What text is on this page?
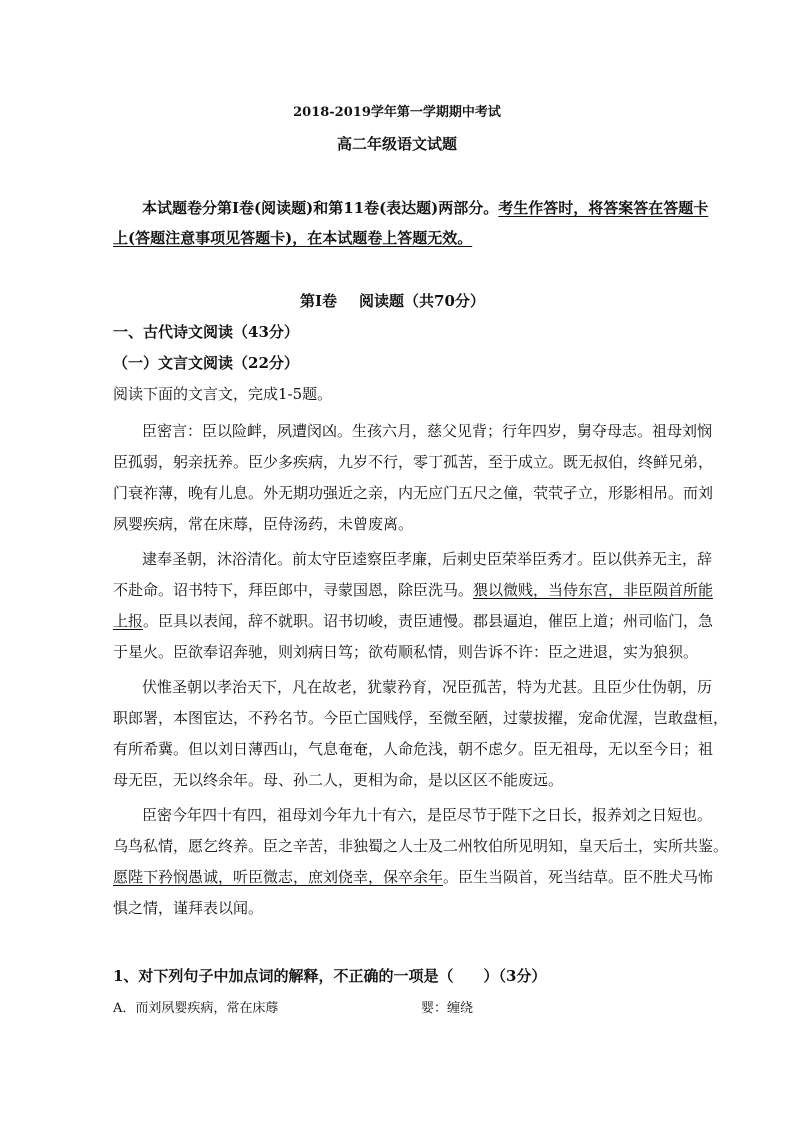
2018-2019学年第一学期期中考试
高二年级语文试题
本试题卷分第Ⅰ卷(阅读题)和第11卷(表达题)两部分。考生作答时，将答案答在答题卡
上(答题注意事项见答题卡)，在本试题卷上答题无效。
第Ⅰ卷 阅读题（共70分）
一、古代诗文阅读（43分）
（一）文言文阅读（22分）
阅读下面的文言文，完成1-5题。
臣密言：臣以险衅，夙遭闵凶。生孩六月，慈父见背；行年四岁，舅夺母志。祖母刘悯
臣孤弱，躬亲抚养。臣少多疾病，九岁不行，零丁孤苦，至于成立。既无叔伯，终鲜兄弟，
门衰祚薄，晚有儿息。外无期功强近之亲，内无应门五尺之僮，茕茕孑立，形影相吊。而刘
夙婴疾病，常在床蓐，臣侍汤药，未曾废离。
逮奉圣朝，沐浴清化。前太守臣逵察臣孝廉，后刺史臣荣举臣秀才。臣以供养无主，辞
不赴命。诏书特下，拜臣郎中，寻蒙国恩，除臣洗马。猥以微贱，当侍东宫，非臣陨首所能
上报。臣具以表闻，辞不就职。诏书切峻，责臣逋慢。郡县逼迫，催臣上道；州司临门，急
于星火。臣欲奉诏奔驰，则刘病日笃；欲苟顺私情，则告诉不许：臣之进退，实为狼狈。
伏惟圣朝以孝治天下，凡在故老，犹蒙矜育，况臣孤苦，特为尤甚。且臣少仕伪朝，历
职郎署，本图宦达，不矜名节。今臣亡国贱俘，至微至陋，过蒙拔擢，宠命优渥，岂敢盘桓，
有所希冀。但以刘日薄西山，气息奄奄，人命危浅，朝不虑夕。臣无祖母，无以至今日；祖
母无臣，无以终余年。母、孙二人，更相为命，是以区区不能废远。
臣密今年四十有四，祖母刘今年九十有六，是臣尽节于陛下之日长，报养刘之日短也。
乌鸟私情，愿乞终养。臣之辛苦，非独蜀之人士及二州牧伯所见明知，皇天后土，实所共鉴。
愿陛下矜悯愚诚，听臣微志，庶刘侥幸，保卒余年。臣生当陨首，死当结草。臣不胜犬马怖
惧之情，谨拜表以闻。
1、对下列句子中加点词的解释，不正确的一项是（　　）（3分）
A．而刘夙婴疾病，常在床蓐	婴：缠绕
